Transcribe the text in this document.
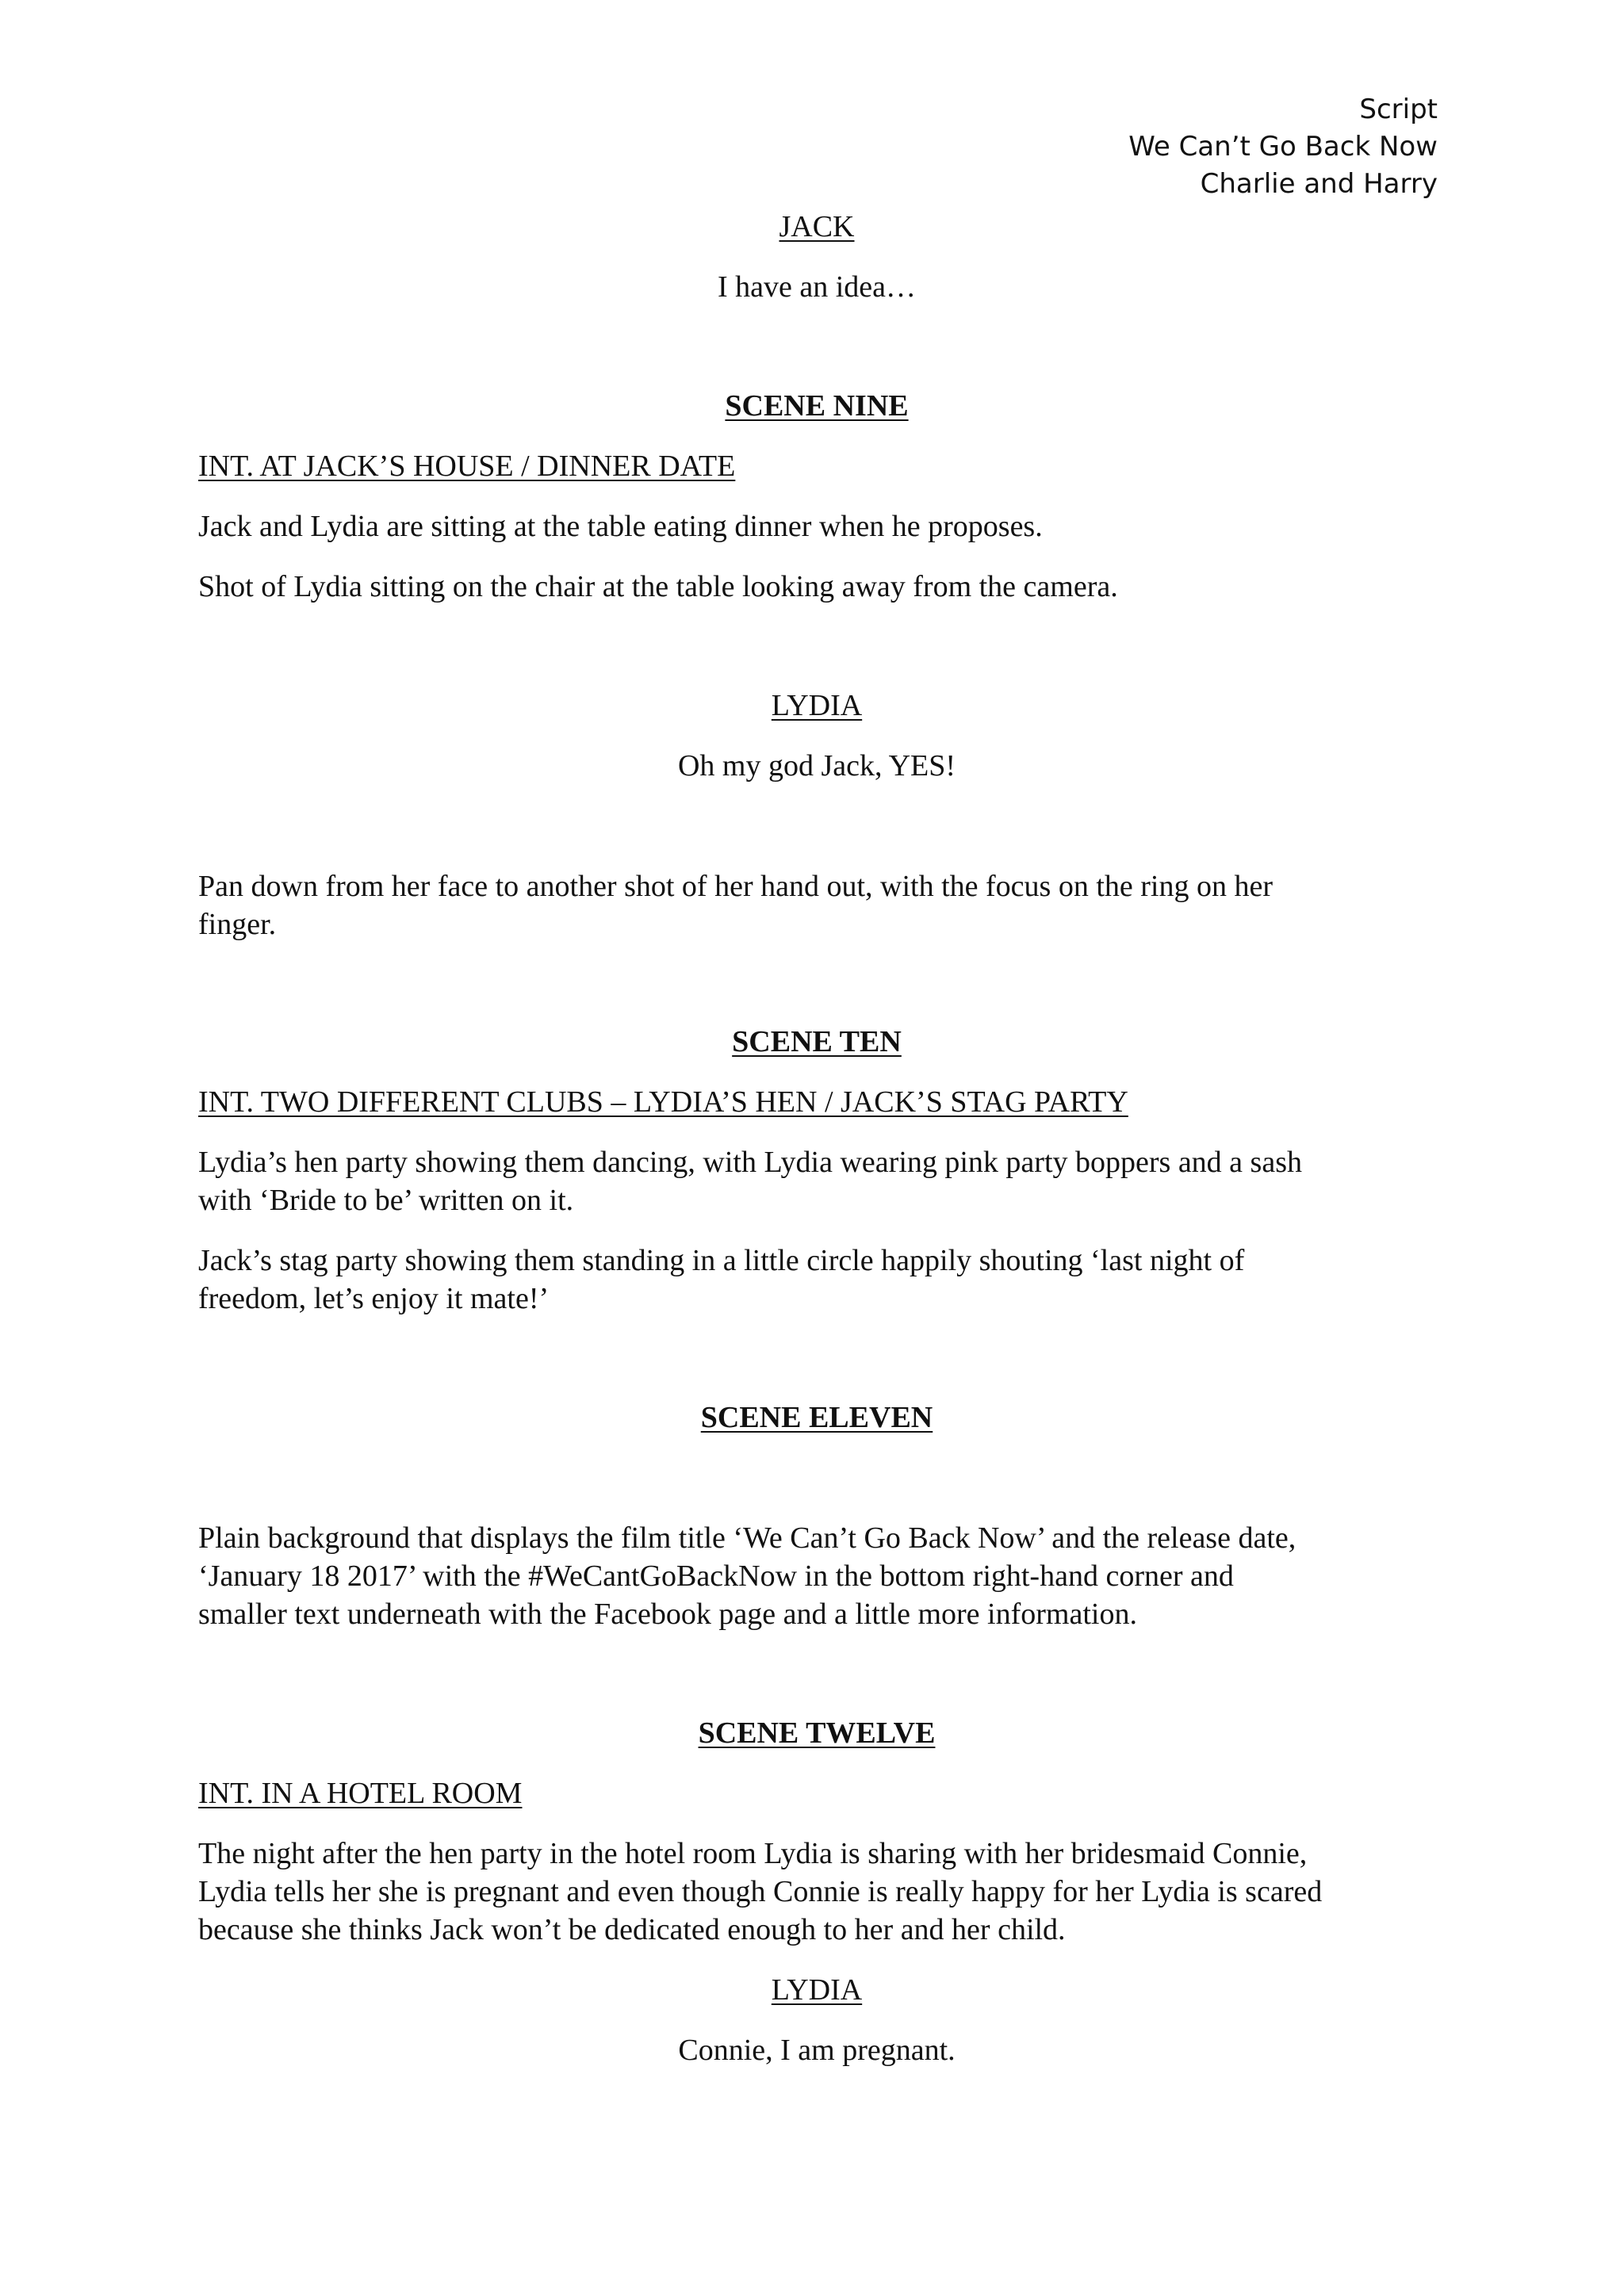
Script
We Can’t Go Back Now
Charlie and Harry
JACK
I have an idea…
SCENE NINE
INT. AT JACK’S HOUSE / DINNER DATE
Jack and Lydia are sitting at the table eating dinner when he proposes.
Shot of Lydia sitting on the chair at the table looking away from the camera.
LYDIA
Oh my god Jack, YES!
Pan down from her face to another shot of her hand out, with the focus on the ring on her
finger.
SCENE TEN
INT. TWO DIFFERENT CLUBS – LYDIA’S HEN / JACK’S STAG PARTY
Lydia’s hen party showing them dancing, with Lydia wearing pink party boppers and a sash
with ‘Bride to be’ written on it.
Jack’s stag party showing them standing in a little circle happily shouting ‘last night of
freedom, let’s enjoy it mate!’
SCENE ELEVEN
Plain background that displays the film title ‘We Can’t Go Back Now’ and the release date,
‘January 18 2017’ with the #WeCantGoBackNow in the bottom right-hand corner and
smaller text underneath with the Facebook page and a little more information.
SCENE TWELVE
INT. IN A HOTEL ROOM
The night after the hen party in the hotel room Lydia is sharing with her bridesmaid Connie,
Lydia tells her she is pregnant and even though Connie is really happy for her Lydia is scared
because she thinks Jack won’t be dedicated enough to her and her child.
LYDIA
Connie, I am pregnant.
